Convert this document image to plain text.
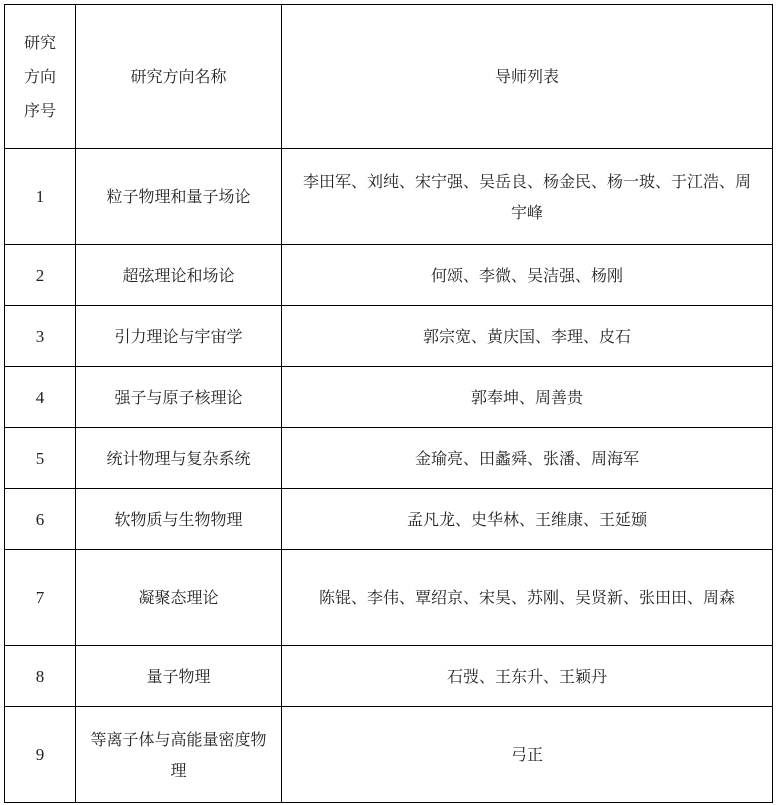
研究方向序号	研究方向名称	导师列表
1	粒子物理和量子场论	李田军、刘纯、宋宁强、吴岳良、杨金民、杨一玻、于江浩、周宇峰
2	超弦理论和场论	何颂、李微、吴洁强、杨刚
3	引力理论与宇宙学	郭宗宽、黄庆国、李理、皮石
4	强子与原子核理论	郭奉坤、周善贵
5	统计物理与复杂系统	金瑜亮、田蠡舜、张潘、周海军
6	软物质与生物物理	孟凡龙、史华林、王维康、王延颋
7	凝聚态理论	陈锟、李伟、覃绍京、宋昊、苏刚、吴贤新、张田田、周森
8	量子物理	石弢、王东升、王颖丹
9	等离子体与高能量密度物理	弓正
